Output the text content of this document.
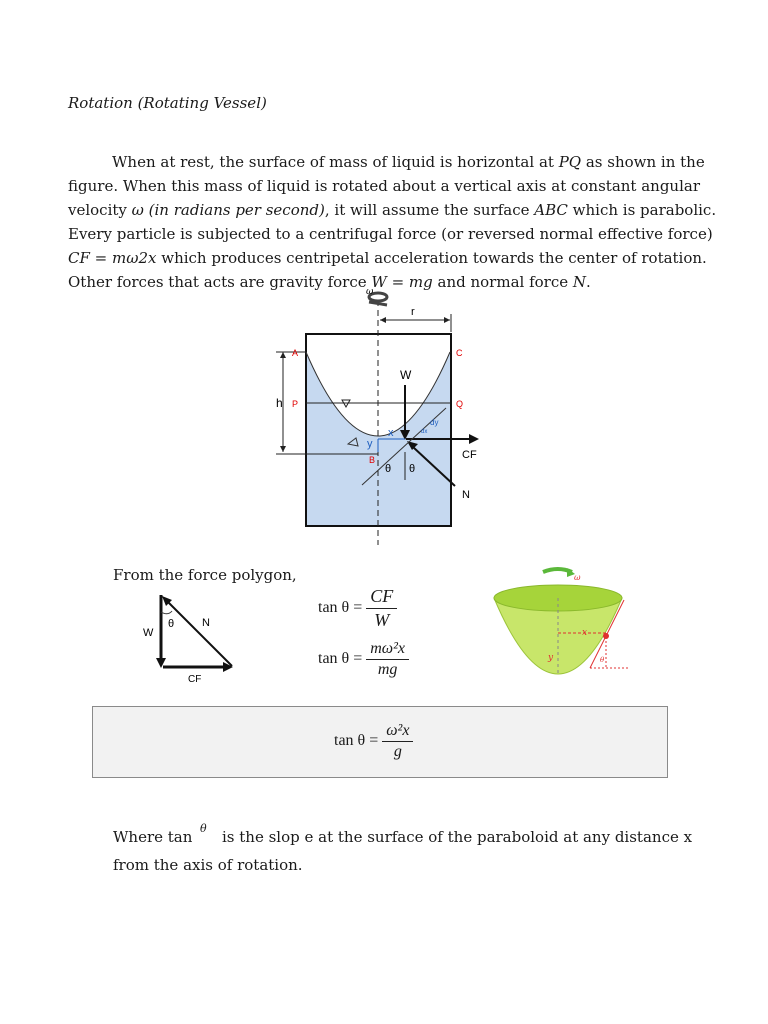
Rotation (Rotating Vessel)
When at rest, the surface of mass of liquid is horizontal at PQ as shown in the
figure. When this mass of liquid is rotated about a vertical axis at constant angular
velocity ω (in radians per second), it will assume the surface ABC which is parabolic.
Every particle is subjected to a centrifugal force (or reversed normal effective force)
CF = mω2x which produces centripetal acceleration towards the center of rotation.
Other forces that acts are gravity force W = mg and normal force N.
ω
r
h
A	C
P	Q
B
W
CF
N
x
y
dy
dx
θ θ
From the force polygon,
W
θ	N
CF
$\tan \theta = \frac{CF}{W}$
$\tan \theta = \frac{\text{mω²x}}{mg}$
ω
x
y	θ
$\tan \theta = \frac{\text{ω²x}}{g}$
Where tan θ is the slop e at the surface of the paraboloid at any distance x
from the axis of rotation.
